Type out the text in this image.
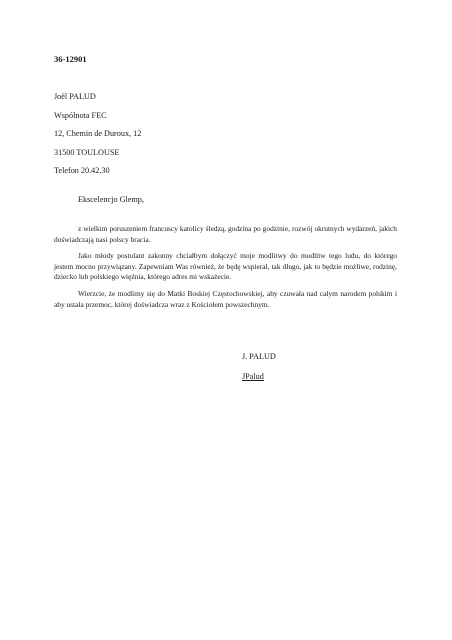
36-12901
Joël PALUD
Wspólnota FEC
12, Chemin de Duroux, 12
31500 TOULOUSE
Telefon 20.42.30
Ekscelencjo Glemp,

z wielkim poruszeniem francuscy katolicy śledzą, godzina po godzinie, rozwój okrutnych wydarzeń, jakich doświadczają nasi polscy bracia.

Jako młody postulant zakonny chciałbym dołączyć moje modlitwy do modlitw tego ludu, do którego jestem mocno przywiązany. Zapewniam Was również, że będę wspierał, tak długo, jak to będzie możliwe, rodzinę, dziecko lub polskiego więźnia, którego adres mi wskażecie.

Wierzcie, że modlimy się do Matki Boskiej Częstochowskiej, aby czuwała nad całym narodem polskim i aby ustała przemoc, której doświadcza wraz z Kościołem powszechnym.

J. PALUD
JPalud
